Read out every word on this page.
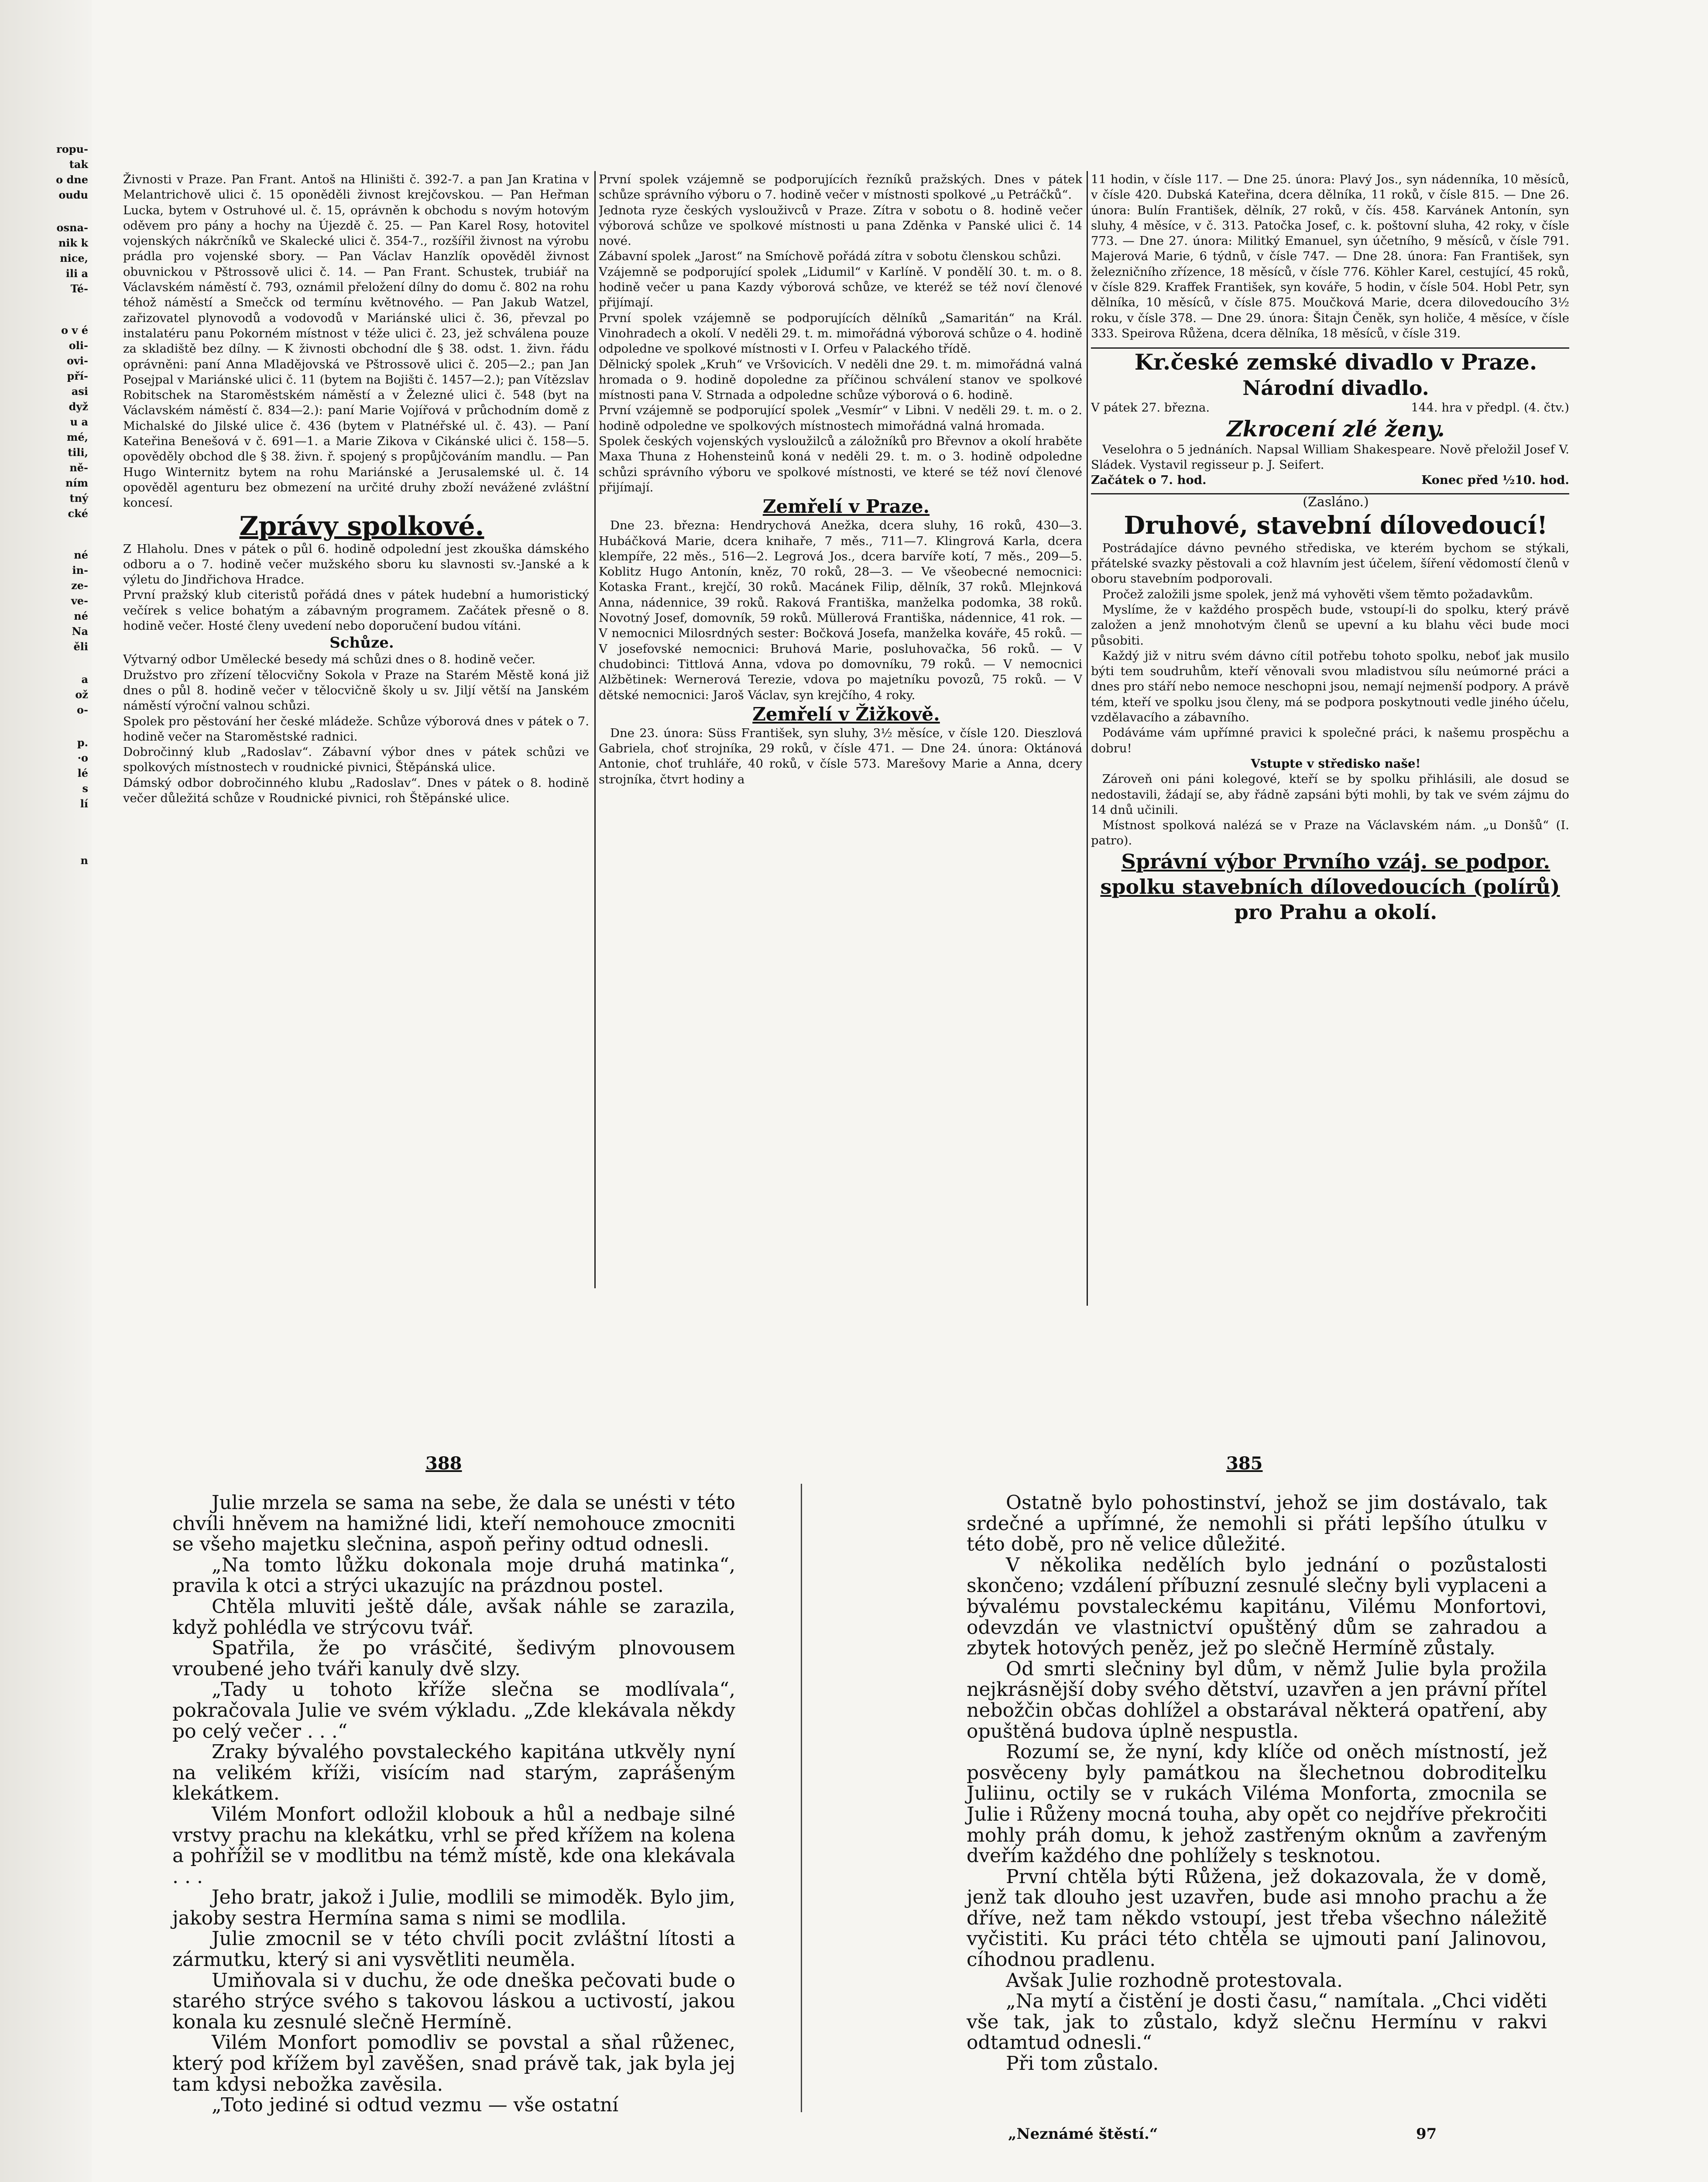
ropu-
tak
o dne
oudu
osna-
nik k
nice,
ili a
Té-
o v é
oli-
ovi-
pří-
asi
dyž
u a
mé,
tili,
ně-
ním
tný
cké
né
in-
ze-
ve-
né
Na
ěli
a
ož
o-
p.
·o
lé
s
lí
n

Živnosti v Praze. Pan Frant. Antoš na Hliništi č. 392-7. a pan Jan Kratina v Melantrichově ulici č. 15 oponěděli živnost krejčovskou. — Pan Heřman Lucka, bytem v Ostruhové ul. č. 15, oprávněn k obchodu s novým hotovým oděvem pro pány a hochy na Újezdě č. 25. — Pan Karel Rosy, hotovitel vojenských nákrčníků ve Skalecké ulici č. 354-7., rozšířil živnost na výrobu prádla pro vojenské sbory. — Pan Václav Hanzlík opověděl živnost obuvnickou v Pštrossově ulici č. 14. — Pan Frant. Schustek, trubiář na Václavském náměstí č. 793, oznámil přeložení dílny do domu č. 802 na rohu téhož náměstí a Smečck od termínu květnového. — Pan Jakub Watzel, zařizovatel plynovodů a vodovodů v Mariánské ulici č. 36, převzal po instalatéru panu Pokorném místnost v téže ulici č. 23, jež schválena pouze za skladiště bez dílny. — K živnosti obchodní dle § 38. odst. 1. živn. řádu oprávněni: paní Anna Mladějovská ve Pštrossově ulici č. 205—2.; pan Jan Posejpal v Mariánské ulici č. 11 (bytem na Bojišti č. 1457—2.); pan Vítězslav Robitschek na Staroměstském náměstí a v Železné ulici č. 548 (byt na Václavském náměstí č. 834—2.): paní Marie Vojířová v průchodním domě z Michalské do Jilské ulice č. 436 (bytem v Platnéřské ul. č. 43). — Paní Kateřina Benešová v č. 691—1. a Marie Zikova v Cikánské ulici č. 158—5. opověděly obchod dle § 38. živn. ř. spojený s propůjčováním mandlu. — Pan Hugo Winternitz bytem na rohu Mariánské a Jerusalemské ul. č. 14 opověděl agenturu bez obmezení na určité druhy zboží nevážené zvláštní koncesí.

Zprávy spolkové.

Z Hlaholu. Dnes v pátek o půl 6. hodině odpolední jest zkouška dámského odboru a o 7. hodině večer mužského sboru ku slavnosti sv.-Janské a k výletu do Jindřichova Hradce.

První pražský klub citeristů pořádá dnes v pátek hudební a humoristický večírek s velice bohatým a zábavným programem. Začátek přesně o 8. hodině večer. Hosté členy uvedení nebo doporučení budou vítáni.

Schůze.

Výtvarný odbor Umělecké besedy má schůzi dnes o 8. hodině večer.

Družstvo pro zřízení tělocvičny Sokola v Praze na Starém Městě koná již dnes o půl 8. hodině večer v tělocvičně školy u sv. Jiljí větší na Janském náměstí výroční valnou schůzi.

Spolek pro pěstování her české mládeže. Schůze výborová dnes v pátek o 7. hodině večer na Staroměstské radnici.

Dobročinný klub „Radoslav“. Zábavní výbor dnes v pátek schůzi ve spolkových místnostech v roudnické pivnici, Štěpánská ulice.

Dámský odbor dobročinného klubu „Radoslav“. Dnes v pátek o 8. hodině večer důležitá schůze v Roudnické pivnici, roh Štěpánské ulice.

První spolek vzájemně se podporujících řezníků pražských. Dnes v pátek schůze správního výboru o 7. hodině večer v místnosti spolkové „u Petráčků“.

Jednota ryze českých vyslouživců v Praze. Zítra v sobotu o 8. hodině večer výborová schůze ve spolkové místnosti u pana Zděnka v Panské ulici č. 14 nové.

Zábavní spolek „Jarost“ na Smíchově pořádá zítra v sobotu členskou schůzi.

Vzájemně se podporující spolek „Lidumil“ v Karlíně. V pondělí 30. t. m. o 8. hodině večer u pana Kazdy výborová schůze, ve kteréž se též noví členové přijímají.

První spolek vzájemně se podporujících dělníků „Samaritán“ na Král. Vinohradech a okolí. V neděli 29. t. m. mimořádná výborová schůze o 4. hodině odpoledne ve spolkové místnosti v I. Orfeu v Palackého třídě.

Dělnický spolek „Kruh“ ve Vršovicích. V neděli dne 29. t. m. mimořádná valná hromada o 9. hodině dopoledne za příčinou schválení stanov ve spolkové místnosti pana V. Strnada a odpoledne schůze výborová o 6. hodině.

První vzájemně se podporující spolek „Vesmír“ v Libni. V neděli 29. t. m. o 2. hodině odpoledne ve spolkových místnostech mimořádná valná hromada.

Spolek českých vojenských vysloužilců a záložníků pro Břevnov a okolí hraběte Maxa Thuna z Hohensteinů koná v neděli 29. t. m. o 3. hodině odpoledne schůzi správního výboru ve spolkové místnosti, ve které se též noví členové přijímají.

Zemřelí v Praze.

Dne 23. března: Hendrychová Anežka, dcera sluhy, 16 roků, 430—3. Hubáčková Marie, dcera knihaře, 7 měs., 711—7. Klingrová Karla, dcera klempíře, 22 měs., 516—2. Legrová Jos., dcera barvíře kotí, 7 měs., 209—5. Koblitz Hugo Antonín, kněz, 70 roků, 28—3. — Ve všeobecné nemocnici: Kotaska Frant., krejčí, 30 roků. Macánek Filip, dělník, 37 roků. Mlejnková Anna, nádennice, 39 roků. Raková Františka, manželka podomka, 38 roků. Novotný Josef, domovník, 59 roků. Müllerová Františka, nádennice, 41 rok. — V nemocnici Milosrdných sester: Bočková Josefa, manželka kováře, 45 roků. — V josefovské nemocnici: Bruhová Marie, posluhovačka, 56 roků. — V chudobinci: Tittlová Anna, vdova po domovníku, 79 roků. — V nemocnici Alžbětinek: Wernerová Terezie, vdova po majetníku povozů, 75 roků. — V dětské nemocnici: Jaroš Václav, syn krejčího, 4 roky.

Zemřelí v Žižkově.

Dne 23. února: Süss František, syn sluhy, 3½ měsíce, v čísle 120. Dieszlová Gabriela, choť strojníka, 29 roků, v čísle 471. — Dne 24. února: Oktánová Antonie, choť truhláře, 40 roků, v čísle 573. Marešovy Marie a Anna, dcery strojníka, čtvrt hodiny a

11 hodin, v čísle 117. — Dne 25. února: Plavý Jos., syn nádenníka, 10 měsíců, v čísle 420. Dubská Kateřina, dcera dělníka, 11 roků, v čísle 815. — Dne 26. února: Bulín František, dělník, 27 roků, v čís. 458. Karvánek Antonín, syn sluhy, 4 měsíce, v č. 313. Patočka Josef, c. k. poštovní sluha, 42 roky, v čísle 773. — Dne 27. února: Militký Emanuel, syn účetního, 9 měsíců, v čísle 791. Majerová Marie, 6 týdnů, v čísle 747. — Dne 28. února: Fan František, syn železničního zřízence, 18 měsíců, v čísle 776. Köhler Karel, cestující, 45 roků, v čísle 829. Kraffek František, syn kováře, 5 hodin, v čísle 504. Hobl Petr, syn dělníka, 10 měsíců, v čísle 875. Moučková Marie, dcera dilovedoucího 3½ roku, v čísle 378. — Dne 29. února: Šitajn Čeněk, syn holiče, 4 měsíce, v čísle 333. Speirova Růžena, dcera dělníka, 18 měsíců, v čísle 319.

Kr.české zemské divadlo v Praze.

Národní divadlo.

V pátek 27. března.	144. hra v předpl. (4. čtv.)

Zkrocení zlé ženy.

Veselohra o 5 jednáních. Napsal William Shakespeare. Nově přeložil Josef V. Sládek. Vystavil regisseur p. J. Seifert.

Začátek o 7. hod.	Konec před ½10. hod.

(Zasláno.)

Druhové, stavební dílovedoucí!

Postrádajíce dávno pevného střediska, ve kterém bychom se stýkali, přátelské svazky pěstovali a což hlavním jest účelem, šíření vědomostí členů v oboru stavebním podporovali.

Pročež založili jsme spolek, jenž má vyhověti všem těmto požadavkům.

Myslíme, že v každého prospěch bude, vstoupí-li do spolku, který právě založen a jenž mnohotvým členů se upevní a ku blahu věci bude moci působiti.

Každý již v nitru svém dávno cítil potřebu tohoto spolku, neboť jak musilo býti tem soudruhům, kteří věnovali svou mladistvou sílu neúmorné práci a dnes pro stáří nebo nemoce neschopni jsou, nemají nejmenší podpory. A právě tém, kteří ve spolku jsou členy, má se podpora poskytnouti vedle jiného účelu, vzdělavacího a zábavního.

Podáváme vám upřímné pravici k společné práci, k našemu prospěchu a dobru!

Vstupte v středisko naše!

Zároveň oni páni kolegové, kteří se by spolku přihlásili, ale dosud se nedostavili, žádají se, aby řádně zapsáni býti mohli, by tak ve svém zájmu do 14 dnů učinili.

Místnost spolková nalézá se v Praze na Václavském nám. „u Donšů“ (I. patro).

Správní výbor Prvního vzáj. se podpor. spolku stavebních dílovedoucích (polírů)

pro Prahu a okolí.

388	385

Julie mrzela se sama na sebe, že dala se unésti v této chvíli hněvem na hamižné lidi, kteří nemohouce zmocniti se všeho majetku slečnina, aspoň peřiny odtud odnesli.

„Na tomto lůžku dokonala moje druhá matinka“, pravila k otci a strýci ukazujíc na prázdnou postel.

Chtěla mluviti ještě dále, avšak náhle se zarazila, když pohlédla ve strýcovu tvář.

Spatřila, že po vrásčité, šedivým plnovousem vroubené jeho tváři kanuly dvě slzy.

„Tady u tohoto kříže slečna se modlívala“, pokračovala Julie ve svém výkladu. „Zde klekávala někdy po celý večer . . .“

Zraky bývalého povstaleckého kapitána utkvěly nyní na velikém kříži, visícím nad starým, zaprášeným klekátkem.

Vilém Monfort odložil klobouk a hůl a nedbaje silné vrstvy prachu na klekátku, vrhl se před křížem na kolena a pohřížil se v modlitbu na témž místě, kde ona klekávala . . .

Jeho bratr, jakož i Julie, modlili se mimoděk. Bylo jim, jakoby sestra Hermína sama s nimi se modlila.

Julie zmocnil se v této chvíli pocit zvláštní lítosti a zármutku, který si ani vysvětliti neuměla.

Umiňovala si v duchu, že ode dneška pečovati bude o starého strýce svého s takovou láskou a uctivostí, jakou konala ku zesnulé slečně Hermíně.

Vilém Monfort pomodliv se povstal a sňal růženec, který pod křížem byl zavěšen, snad právě tak, jak byla jej tam kdysi nebožka zavěsila.

„Toto jediné si odtud vezmu — vše ostatní

Ostatně bylo pohostinství, jehož se jim dostávalo, tak srdečné a upřímné, že nemohli si přáti lepšího útulku v této době, pro ně velice důležité.

V několika nedělích bylo jednání o pozůstalosti skončeno; vzdálení příbuzní zesnulé slečny byli vyplaceni a bývalému povstaleckému kapitánu, Vilému Monfortovi, odevzdán ve vlastnictví opuštěný dům se zahradou a zbytek hotových peněz, jež po slečně Hermíně zůstaly.

Od smrti slečniny byl dům, v němž Julie byla prožila nejkrásnější doby svého dětství, uzavřen a jen právní přítel nebožčin občas dohlížel a obstarával některá opatření, aby opuštěná budova úplně nespustla.

Rozumí se, že nyní, kdy klíče od oněch místností, jež posvěceny byly památkou na šlechetnou dobroditelku Juliinu, octily se v rukách Viléma Monforta, zmocnila se Julie i Růženy mocná touha, aby opět co nejdříve překročiti mohly práh domu, k jehož zastřeným oknům a zavřeným dveřím každého dne pohlížely s tesknotou.

První chtěla býti Růžena, jež dokazovala, že v domě, jenž tak dlouho jest uzavřen, bude asi mnoho prachu a že dříve, než tam někdo vstoupí, jest třeba všechno náležitě vyčistiti. Ku práci této chtěla se ujmouti paní Jalinovou, cíhodnou pradlenu.

Avšak Julie rozhodně protestovala.

„Na mytí a čistění je dosti času,“ namítala. „Chci viděti vše tak, jak to zůstalo, když slečnu Hermínu v rakvi odtamtud odnesli.“

Při tom zůstalo.

„Neznámé štěstí.“	97
